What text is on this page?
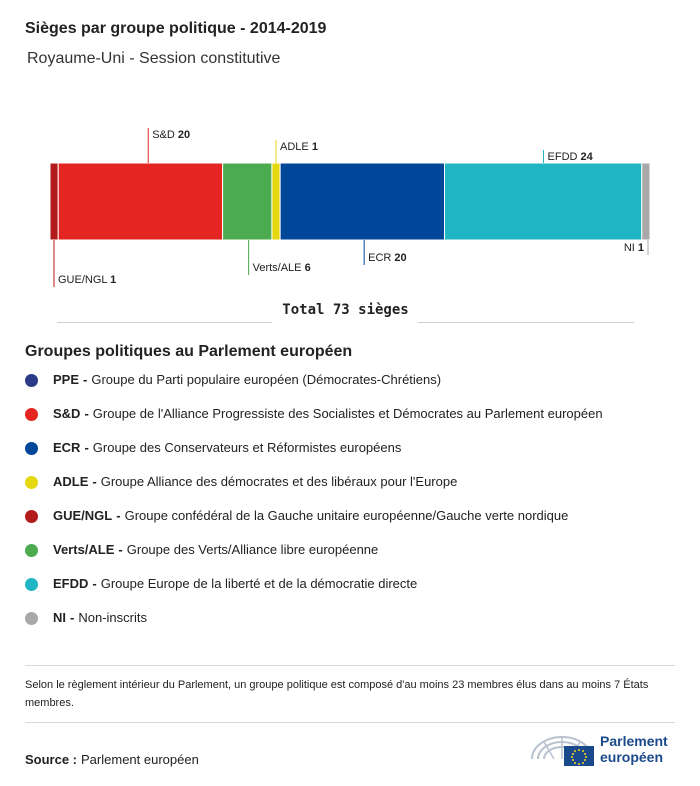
Sièges par groupe politique - 2014-2019
Royaume-Uni - Session constitutive
GUE/NGL 1
S&D 20
Verts/ALE 6
ADLE 1
ECR 20
EFDD 24
NI 1
Total 73 sièges
Groupes politiques au Parlement européen
PPE - Groupe du Parti populaire européen (Démocrates-Chrétiens)
S&D - Groupe de l'Alliance Progressiste des Socialistes et Démocrates au Parlement européen
ECR - Groupe des Conservateurs et Réformistes européens
ADLE - Groupe Alliance des démocrates et des libéraux pour l'Europe
GUE/NGL - Groupe confédéral de la Gauche unitaire européenne/Gauche verte nordique
Verts/ALE - Groupe des Verts/Alliance libre européenne
EFDD - Groupe Europe de la liberté et de la démocratie directe
NI - Non-inscrits
Selon le règlement intérieur du Parlement, un groupe politique est composé d'au moins 23 membres élus dans au moins 7 États membres.
Source : Parlement européen
Parlement
européen
